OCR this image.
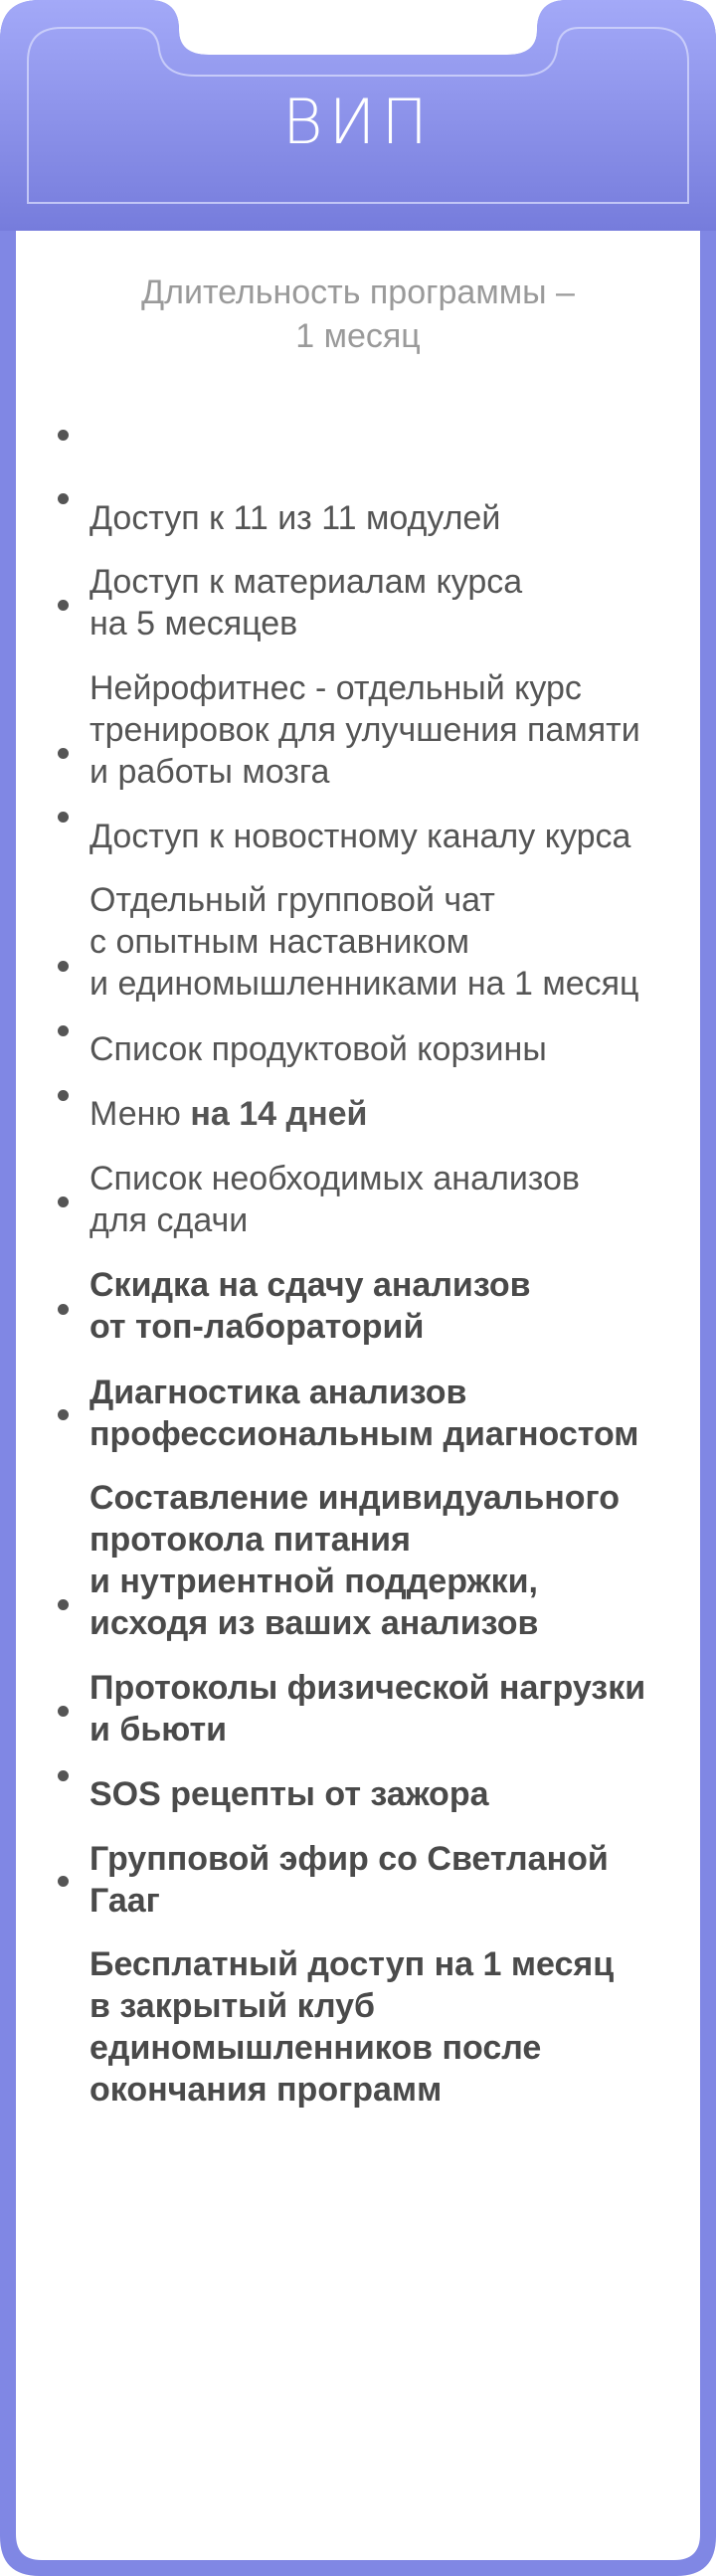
ВИП
Длительность программы –
1 месяц

Доступ к 11 из 11 модулей

Доступ к материалам курса
на 5 месяцев

Нейрофитнес - отдельный курс
тренировок для улучшения памяти
и работы мозга

Доступ к новостному каналу курса

Отдельный групповой чат
с опытным наставником
и единомышленниками на 1 месяц

Список продуктовой корзины

Меню на 14 дней

Список необходимых анализов
для сдачи

Скидка на сдачу анализов
от топ-лабораторий

Диагностика анализов
профессиональным диагностом

Составление индивидуального
протокола питания
и нутриентной поддержки,
исходя из ваших анализов

Протоколы физической нагрузки
и бьюти

SOS рецепты от зажора

Групповой эфир со Светланой
Гааг

Бесплатный доступ на 1 месяц
в закрытый клуб
единомышленников после
окончания программ
